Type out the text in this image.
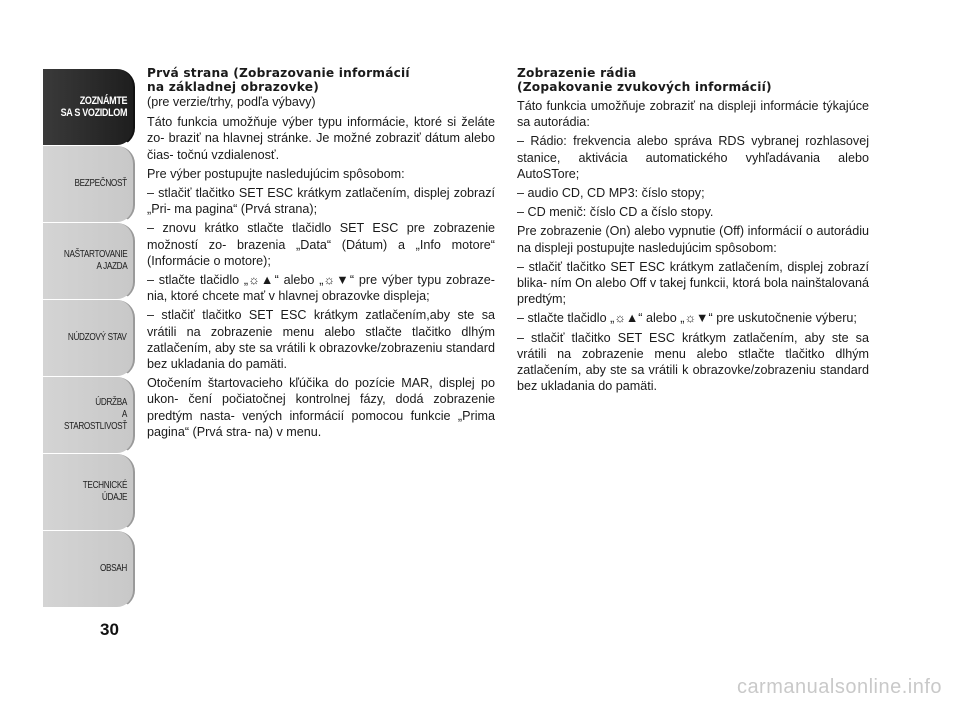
ZOZNÁMTE
SA S VOZIDLOM
BEZPEČNOSŤ
NAŠTARTOVANIE
A JAZDA
NÚDZOVÝ STAV
ÚDRŽBA
A STAROSTLIVOSŤ
TECHNICKÉ
ÚDAJE
OBSAH
30

Prvá strana (Zobrazovanie informácií

na základnej obrazovke)

(pre verzie/trhy, podľa výbavy)

Táto funkcia umožňuje výber typu informácie, ktoré si želáte zo- braziť na hlavnej stránke. Je možné zobraziť dátum alebo čias- točnú vzdialenosť.

Pre výber postupujte nasledujúcim spôsobom:

– stlačiť tlačitko SET ESC krátkym zatlačením, displej zobrazí „Pri- ma pagina“ (Prvá strana);

– znovu krátko stlačte tlačidlo SET ESC pre zobrazenie možností zo- brazenia „Data“ (Dátum) a „Info motore“ (Informácie o motore);

– stlačte tlačidlo „☼▲“ alebo „☼▼“ pre výber typu zobraze- nia, ktoré chcete mať v hlavnej obrazovke displeja;

– stlačiť tlačitko SET ESC krátkym zatlačením,aby ste sa vrátili na zobrazenie menu alebo stlačte tlačitko dlhým zatlačením, aby ste sa vrátili k obrazovke/zobrazeniu standard bez ukladania do pamäti.

Otočením štartovacieho kľúčika do pozície MAR, displej po ukon- čení počiatočnej kontrolnej fázy, dodá zobrazenie predtým nasta- vených informácií pomocou funkcie „Prima pagina“ (Prvá stra- na) v menu.

Zobrazenie rádia

(Zopakovanie zvukových informácií)

Táto funkcia umožňuje zobraziť na displeji informácie týkajúce sa autorádia:

– Rádio: frekvencia alebo správa RDS vybranej rozhlasovej stanice, aktivácia automatického vyhľadávania alebo AutoSTore;

– audio CD, CD MP3: číslo stopy;

– CD menič: číslo CD a číslo stopy.

Pre zobrazenie (On) alebo vypnutie (Off) informácií o autorádiu na displeji postupujte nasledujúcim spôsobom:

– stlačiť tlačitko SET ESC krátkym zatlačením, displej zobrazí blika- ním On alebo Off v takej funkcii, ktorá bola nainštalovaná predtým;

– stlačte tlačidlo „☼▲“ alebo „☼▼“ pre uskutočnenie výberu;

– stlačiť tlačitko SET ESC krátkym zatlačením, aby ste sa vrátili na zobrazenie menu alebo stlačte tlačitko dlhým zatlačením, aby ste sa vrátili k obrazovke/zobrazeniu standard bez ukladania do pamäti.

carmanualsonline.info
